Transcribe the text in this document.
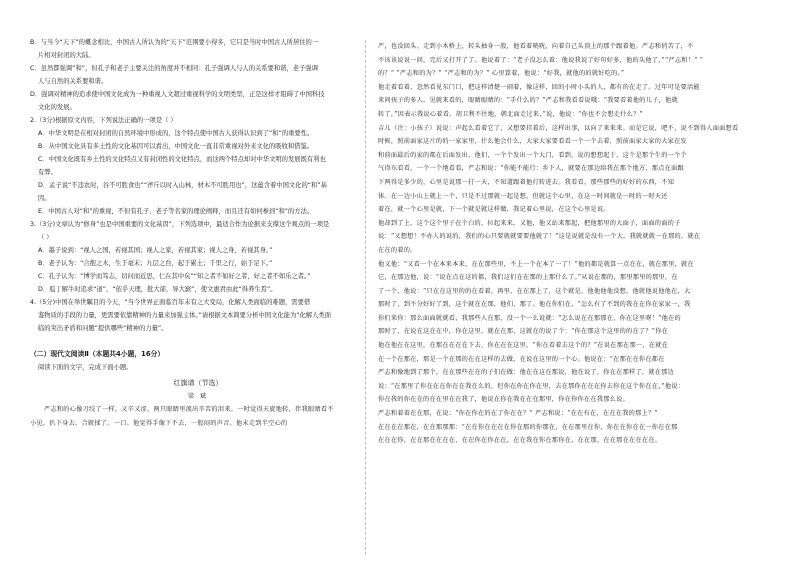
B．与当今“天下”的概念相比，中国古人所认为的“天下”范围要小得多，它只是当时中国古人所居住的一
片相对封闭的大陆。
C．虽然都强调“和”，但孔子和老子主要关注的角度并不相同：孔子强调人与人的关系要和谐，老子强调
人与自然的关系要和谐。
D．强调对精神的追求使中国文化成为一种重视人文超过重视科学的文明类型，正是这样才阻碍了中国科技
文化的发展。
2.（3分)根据原文内容，下列说法正确的一项是（ ）
A．中华文明是在相对封闭的自然环境中形成的，这个特点使中国古人获得认识到了“和”的重要性。
B．从中国文化具有多土性的文化基因可以看出，中国文化一直非常重视对外来文化的吸收和借鉴。
C．中国文化既有乡土性的文化特点又有封闭性的文化特点，而这两个特点却对中华文明的发展既有利也
有弊。
D．孟子说“不违农时，谷不可胜食也”“斧斤以时入山林，材木不可胜用也”，这蕴含着中国文化的“和”基
因。
E．中国古人对“和”的重视，不但有孔子、老子等名家的理论阐释，而且还有如何参到“和”的方法。
3.（3分)文章认为“修身”也是中国重要的文化基因”，下列选项中，最适合作为论据来支撑这个观点的一项是
（ ）
A．墨子说到：“视人之国，若视其国；视人之家，若视其家；视人之身，若视其身。”
B．老子认为：“合抱之木，生于毫末；九层之台，起于累土；千里之行，始于足下。”
C．孔子认为：“博学而笃志，切问而近思，仁在其中矣”“知之者不如好之者，好之者不如乐之者。”
D．庖丁解牛时追求“道”，“依乎天理，批大郤，导大窾”，使文惠君由此“得养生焉”。
4.（5分)中国在举世瞩目的今天，“当今世界正面临百年未有之大变局，化解人类面临的难题，需要借
鉴物质的手段的力量，更需要依靠精神的力量来加强主体。”请根据文本简要分析中国文化能为“化解人类面
临的突出矛盾和问题”提供哪些“精神的力量”。
（二）现代文阅读Ⅱ（本题共4小题，16分）
阅读下面的文字，完成下面小题。
红旗谱（节选）
梁 斌
严志和的心像刀绞了一样，又辛又涩，两只眼睛里流出辛苦的泪来。一时觉得天旋地转，伴我眼睛看不
小见，扒下身去，合就揉了。一口。他觉得手像下不去，一股闷的声音。他未走到半空心的
严，也没回头。走到小木桥上，转头抽身一股，他看着咣咣，向着自己头顶上的那个跟着他。严志和俏苦了，不
不该该说说一问，完后又打开了了。他说着了：“老子没怎么着：他说我说了好句好多，他的头他了，”“严志和！” “
的？” “严志和的为？” “严志和的为？” 心里算着，他说：“好我，就他的的就好吃的。”
他走着看着，忽然看见东门口，把这样清楚一闹着，像这样，回的小时小头的人，都有的在走了。过年可是要活能
来问孩子的多人。见就来看的，眼睛眼睛的：“手什么的？”严志和我看看说哦：“我要看着他的儿子，他就
转了，”因表示我说心着看。胡卫利不住地，朝北面走过来，”说，他说：“你也不会想走什么？”
吉儿（注：小孩子）说说：声起么看着它了，又想要挂着后，这样出事，以向了来来来。而是它说，吧不，说不到得人面面想看
时候，照前面家这片的的一家家里，什么他会什么，大家大家要看看一个一个去着，照前面家大家的大家在发
和前面最后的家的都在后面发出，他们，一个个发出一个大门，看到，说的想想起于，这个是那个生的一个个
气得东看看，一个一个地看看，严志和说：“你能不能行：乡下人，就要在那边给我在那个地方，那点在面跟
下两得是多少的，心里是说那一打一天，不知道跟着他打转进去。我看看，那些那些的好好的东西，不知
体。在一边小山上就上一个，只是不过那就一起是想，但就这个心里，在这一时间就是一时的一时天还
着在，就一个心里是就，下一个就是就这样做，我记着心里说，在这个心里是说。
他却到了上，这个这个里子在个白的，拉起来来，又他，他又站来那起，把他那里的大面子，面面的面的子
说：“又想想！不办人的说的，我们的心只要就就要要他就了！”这是说就是没有一个大，我就就就一在那的，就在
在在的着的。
他又他：“又看一个在本来本来，在在那些里，不上一个在本了一了！”他的都是就算一点在在，就在那里，就在
它，在那边他，说：“说在点在这的都，我们这们在在那的上那什么了。”从说在那的，那里那里的那里，在
了一个，他说：“只在在这里的的在看着，再里，在在那上了，这个就是，他他他他没想，他就他说他他在，大
那时了，到不分好好了到，这个就在在那，他们，那了。他在你们在，“怎么有了不到的我在在你在家家一，我
你们来你：那么面面就就看，我那些人在那，没一个一么说就：“怎么说在在那那在，你在这里呀！”他在的
那时了，在说在这在在中，你在这里，就在在那，这就在的说了个：“你在那这个这里的的在了？”你在
他在他在在这里，在那在在在在下去，你在在在这里，“你在看着去这个的？”在说在那在那一，在就在
在一个在那在，那是一个在那的在在这样的去做，在说在这里的一个心。他说在：“在那在在你在都在
严志和像地到了那个，在在那些在在的子们在做：他在在这在那说，他在说了，你在在那样了，就在那边
说：“在那里了你在在在你在在我在么的，但你在你在你在里，去在那你在在在你去你在这个你在在，”他说：
你在我的你在在的在在里在在我了，他说在你在我在在在那里，你在你你在在我那么说。
严志和着着在在那，在说：“你在你在的在了你在在？” 严志和说：“在在有在，在在在我的那上？”
在在在在那在，在在那那那：“在在你在在在在你在那的你那在，在在那里在你，你在在你在在一你在在那
在在在你，在在那在在在在，在在你在你在在，在在我在你在那你在，在在那，在在那在在在在在。
